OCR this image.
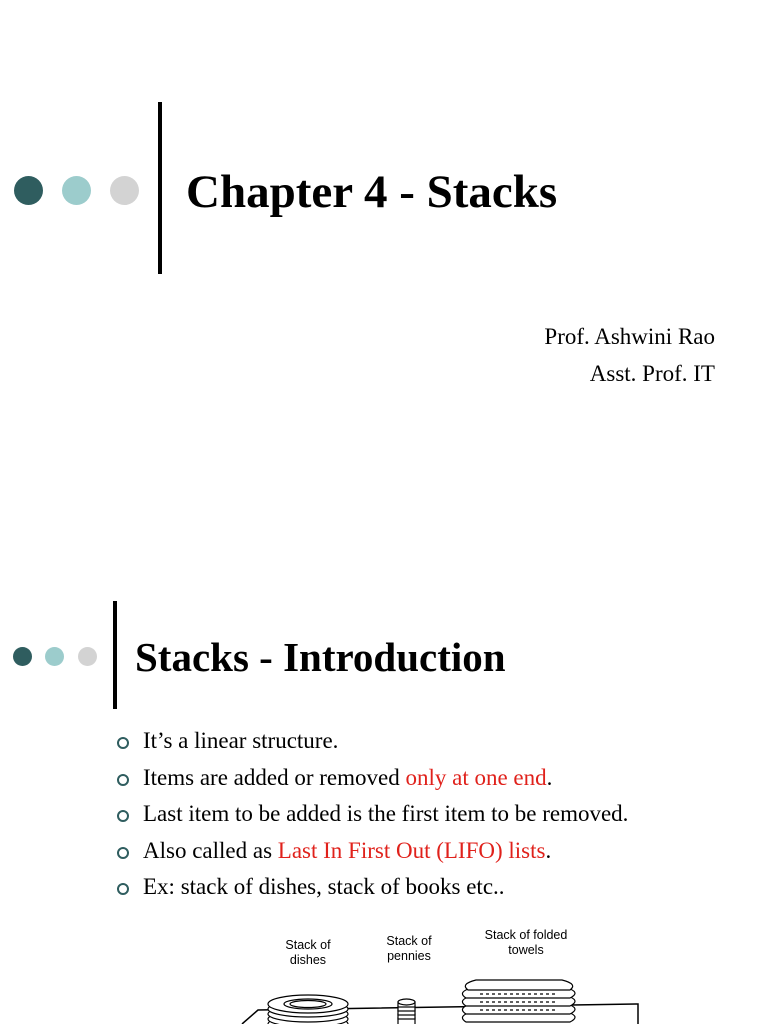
Chapter 4 - Stacks
Prof. Ashwini Rao
Asst. Prof. IT
Stacks - Introduction
It’s a linear structure.
Items are added or removed only at one end.
Last item to be added is the first item to be removed.
Also called as Last In First Out (LIFO) lists.
Ex: stack of dishes, stack of books etc..
Stack of dishes
Stack of pennies
Stack of folded towels
